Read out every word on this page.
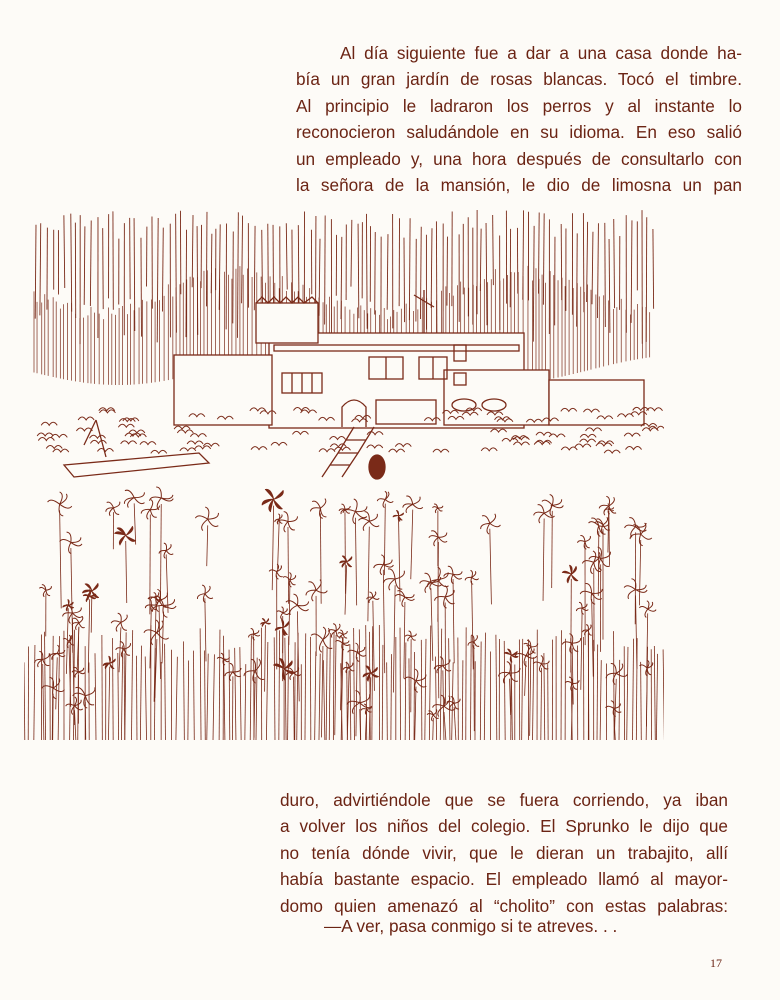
Al día siguiente fue a dar a una casa donde ha-
bía un gran jardín de rosas blancas. Tocó el timbre.
Al principio le ladraron los perros y al instante lo
reconocieron saludándole en su idioma. En eso salió
un empleado y, una hora después de consultarlo con
la señora de la mansión, le dio de limosna un pan
duro, advirtiéndole que se fuera corriendo, ya iban
a volver los niños del colegio. El Sprunko le dijo que
no tenía dónde vivir, que le dieran un trabajito, allí
había bastante espacio. El empleado llamó al mayor-
domo quien amenazó al “cholito” con estas palabras:

—A ver, pasa conmigo si te atreves. . .

17
